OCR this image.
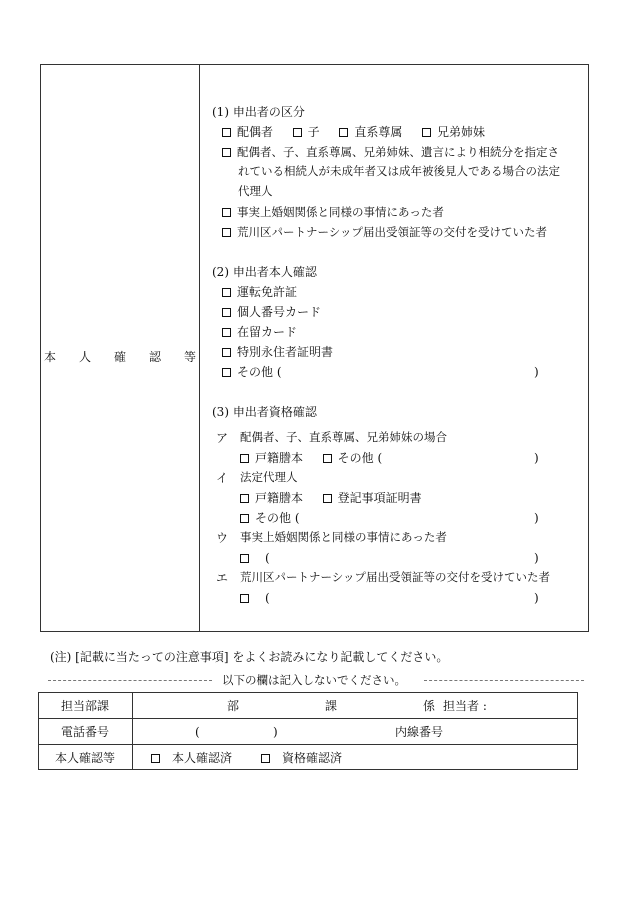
本 人 確 認 等
(1) 申出者の区分
配偶者	子	直系尊属	兄弟姉妹
配偶者、子、直系尊属、兄弟姉妹、遺言により相続分を指定さ
れている相続人が未成年者又は成年被後見人である場合の法定
代理人
事実上婚姻関係と同様の事情にあった者
荒川区パートナーシップ届出受領証等の交付を受けていた者
(2) 申出者本人確認
運転免許証
個人番号カード
在留カード
特別永住者証明書
その他 (	)
(3) 申出者資格確認
ア 配偶者、子、直系尊属、兄弟姉妹の場合
戸籍謄本	その他 (	)
イ 法定代理人
戸籍謄本	登記事項証明書
その他 (	)
ウ 事実上婚姻関係と同様の事情にあった者
(	)
エ 荒川区パートナーシップ届出受領証等の交付を受けていた者
(	)
(注) [記載に当たっての注意事項] をよくお読みになり記載してください。
以下の欄は記入しないでください。
担当部課	部	課	係 担当者 :
電話番号	(	)	内線番号
本人確認等	本人確認済	資格確認済
